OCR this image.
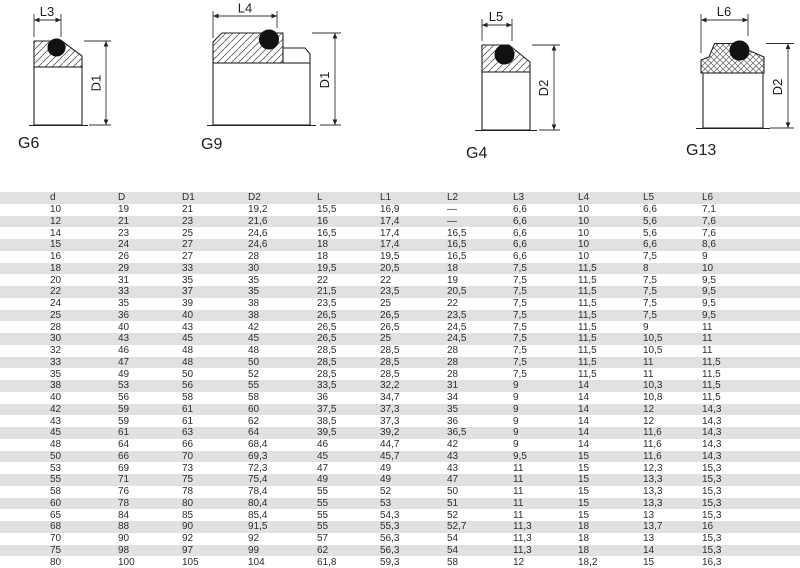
L3
D1
G6
L4
D1
G9
L5
D2
G4
L6
D2
G13
d	D	D1	D2	L	L1	L2	L3	L4	L5	L6
10	19	21	19,2	15,5	16,9	—	6,6	10	6,6	7,1
12	21	23	21,6	16	17,4	—	6,6	10	5,6	7,6
14	23	25	24,6	16,5	17,4	16,5	6,6	10	5,6	7,6
15	24	27	24,6	18	17,4	16,5	6,6	10	6,6	8,6
16	26	27	28	18	19,5	16,5	6,6	10	7,5	9
18	29	33	30	19,5	20,5	18	7,5	11,5	8	10
20	31	35	35	22	22	19	7,5	11,5	7,5	9,5
22	33	37	35	21,5	23,5	20,5	7,5	11,5	7,5	9,5
24	35	39	38	23,5	25	22	7,5	11,5	7,5	9,5
25	36	40	38	26,5	26,5	23,5	7,5	11,5	7,5	9,5
28	40	43	42	26,5	26,5	24,5	7,5	11,5	9	11
30	43	45	45	26,5	25	24,5	7,5	11,5	10,5	11
32	46	48	48	28,5	28,5	28	7,5	11,5	10,5	11
33	47	48	50	28,5	28,5	28	7,5	11,5	11	11,5
35	49	50	52	28,5	28,5	28	7,5	11,5	11	11,5
38	53	56	55	33,5	32,2	31	9	14	10,3	11,5
40	56	58	58	36	34,7	34	9	14	10,8	11,5
42	59	61	60	37,5	37,3	35	9	14	12	14,3
43	59	61	62	38,5	37,3	36	9	14	12	14,3
45	61	63	64	39,5	39,2	36,5	9	14	11,6	14,3
48	64	66	68,4	46	44,7	42	9	14	11,6	14,3
50	66	70	69,3	45	45,7	43	9,5	15	11,6	14,3
53	69	73	72,3	47	49	43	11	15	12,3	15,3
55	71	75	75,4	49	49	47	11	15	13,3	15,3
58	76	78	78,4	55	52	50	11	15	13,3	15,3
60	78	80	80,4	55	53	51	11	15	13,3	15,3
65	84	85	85,4	55	54,3	52	11	15	13	15,3
68	88	90	91,5	55	55,3	52,7	11,3	18	13,7	16
70	90	92	92	57	56,3	54	11,3	18	13	15,3
75	98	97	99	62	56,3	54	11,3	18	14	15,3
80	100	105	104	61,8	59,3	58	12	18,2	15	16,3
